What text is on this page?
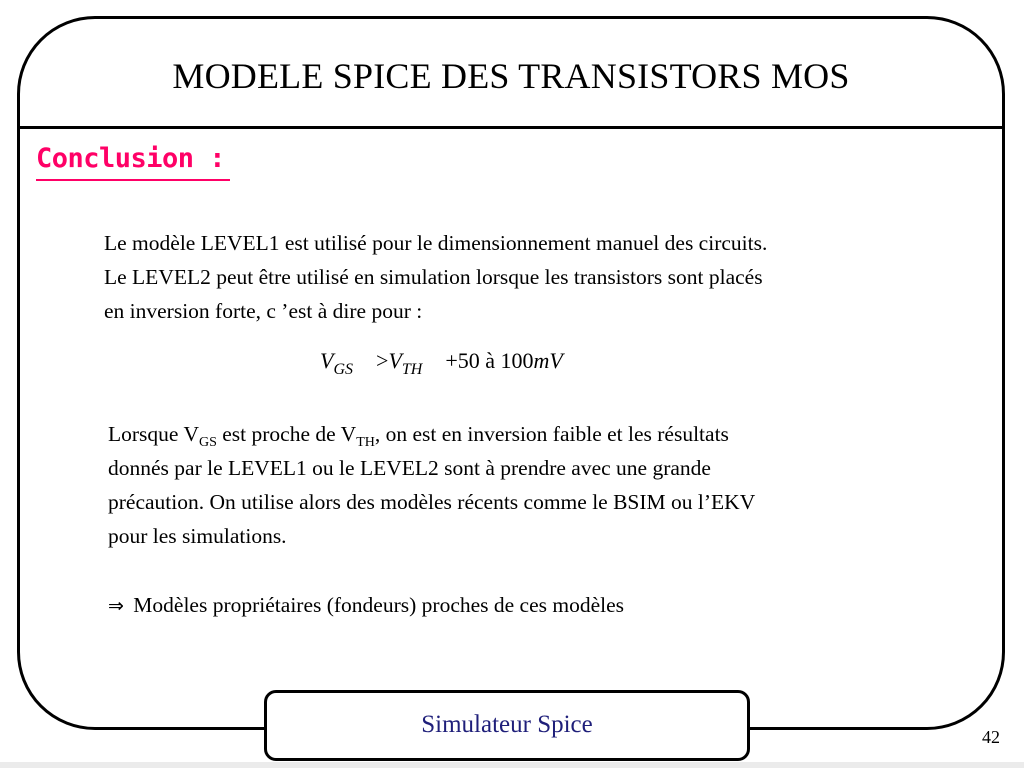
MODELE SPICE DES TRANSISTORS MOS
Conclusion :
Le modèle LEVEL1 est utilisé pour le dimensionnement manuel des circuits.
Le LEVEL2 peut être utilisé en simulation lorsque les transistors sont placés
en inversion forte, c ’est à dire pour :
$V_{GS} >V_{TH} +50$ à 100mV
Lorsque $V_{GS}$ est proche de $V_{TH}$, on est en inversion faible et les résultats
donnés par le LEVEL1 ou le LEVEL2 sont à prendre avec une grande
précaution. On utilise alors des modèles récents comme le BSIM ou l’EKV
pour les simulations.
⇒ Modèles propriétaires (fondeurs) proches de ces modèles
Simulateur Spice	42
